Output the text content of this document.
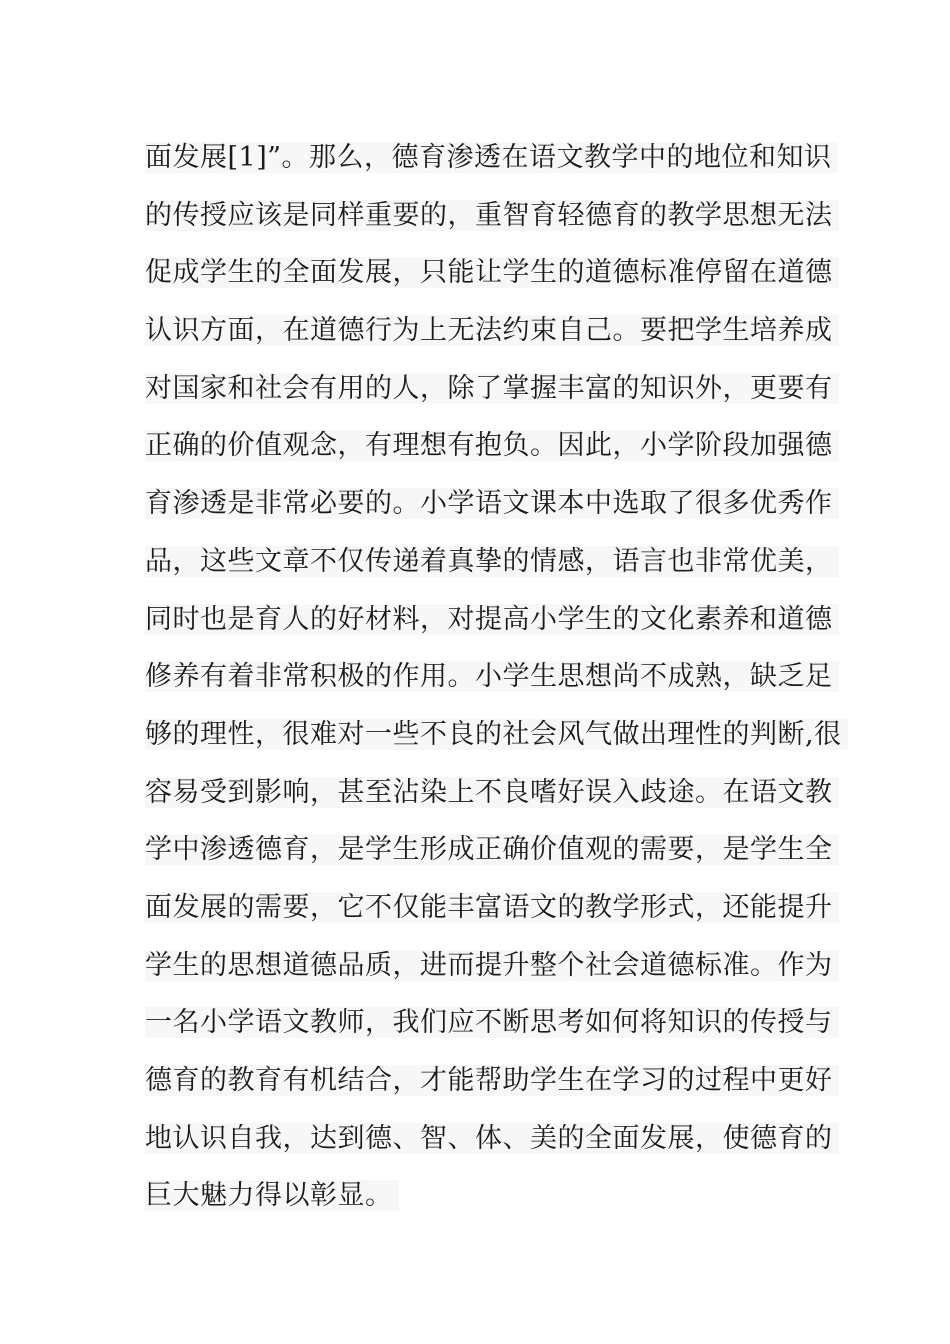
面发展[1]”。那么，德育渗透在语文教学中的地位和知识
的传授应该是同样重要的，重智育轻德育的教学思想无法
促成学生的全面发展，只能让学生的道德标准停留在道德
认识方面，在道德行为上无法约束自己。要把学生培养成
对国家和社会有用的人，除了掌握丰富的知识外，更要有
正确的价值观念，有理想有抱负。因此，小学阶段加强德
育渗透是非常必要的。小学语文课本中选取了很多优秀作
品，这些文章不仅传递着真挚的情感，语言也非常优美，
同时也是育人的好材料，对提高小学生的文化素养和道德
修养有着非常积极的作用。小学生思想尚不成熟，缺乏足
够的理性，很难对一些不良的社会风气做出理性的判断,很
容易受到影响，甚至沾染上不良嗜好误入歧途。在语文教
学中渗透德育，是学生形成正确价值观的需要，是学生全
面发展的需要，它不仅能丰富语文的教学形式，还能提升
学生的思想道德品质，进而提升整个社会道德标准。作为
一名小学语文教师，我们应不断思考如何将知识的传授与
德育的教育有机结合，才能帮助学生在学习的过程中更好
地认识自我，达到德、智、体、美的全面发展，使德育的
巨大魅力得以彰显。
